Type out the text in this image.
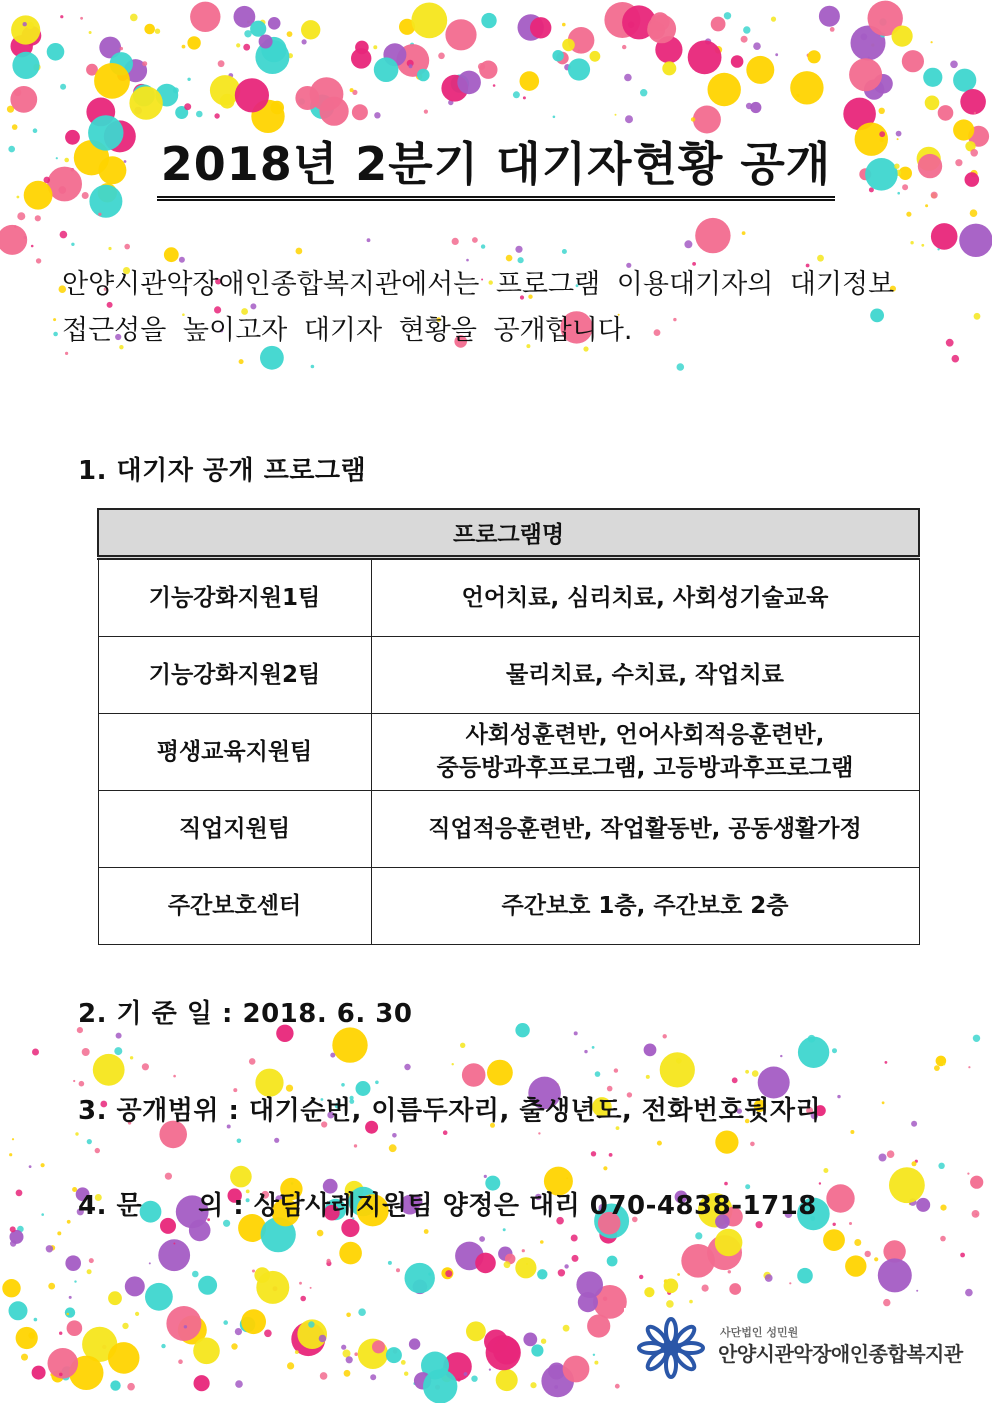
2018년 2분기 대기자현황 공개
안양시관악장애인종합복지관에서는 프로그램 이용대기자의 대기정보
접근성을 높이고자 대기자 현황을 공개합니다.
1. 대기자 공개 프로그램
프로그램명	
기능강화지원1팀	언어치료, 심리치료, 사회성기술교육

기능강화지원2팀	물리치료, 수치료, 작업치료

평생교육지원팀	사회성훈련반, 언어사회적응훈련반,
중등방과후프로그램, 고등방과후프로그램

직업지원팀	직업적응훈련반, 작업활동반, 공동생활가정

주간보호센터	주간보호 1층, 주간보호 2층
2. 기 준 일 : 2018. 6. 30
3. 공개범위 : 대기순번, 이름두자리, 출생년도, 전화번호뒷자리
4. 문 의 : 상담사례지원팀 양정은 대리 070-4838-1718
사단법인 성민원
안양시관악장애인종합복지관
